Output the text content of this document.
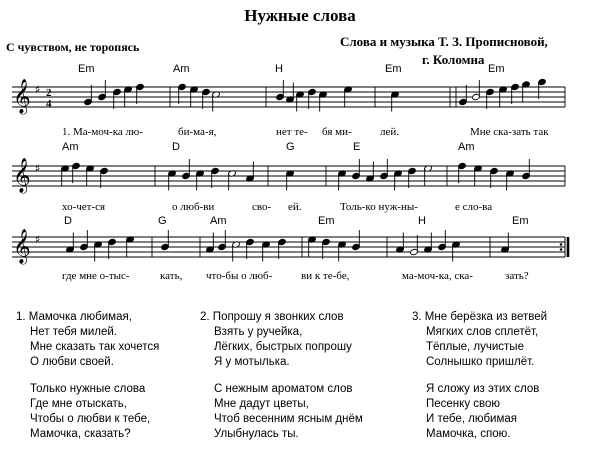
Нужные слова
С чувством, не торопясь	Слова и музыка Т. З. Прописновой,
г. Коломна
𝄞 ♯ 2
4
Em	Am	H	Em	Em
1. Ма-моч-ка лю-	би-ма-я,	нет те- бя ми-	лей.	Мне ска-зать так
𝄞 ♯
Am	D	G	E	Am
хо-чет-ся	о люб-ви	сво- ей.	Толь-ко нуж-ны-	е сло-ва
𝄞 ♯
D	G	Am	Em	H	Em
где мне о-тыс-	кать, что-бы о люб-	ви к те-бе,	ма-моч-ка, ска-	зать?
1. Мамочка любимая,
Нет тебя милей.
Мне сказать так хочется
О любви своей.
Только нужные слова
Где мне отыскать,
Чтобы о любви к тебе,
Мамочка, сказать?
2. Попрошу я звонких слов
Взять у ручейка,
Лёгких, быстрых попрошу
Я у мотылька.
С нежным ароматом слов
Мне дадут цветы,
Чтоб весенним ясным днём
Улыбнулась ты.
3. Мне берёзка из ветвей
Мягких слов сплетёт,
Тёплые, лучистые
Солнышко пришлёт.
Я сложу из этих слов
Песенку свою
И тебе, любимая
Мамочка, спою.
